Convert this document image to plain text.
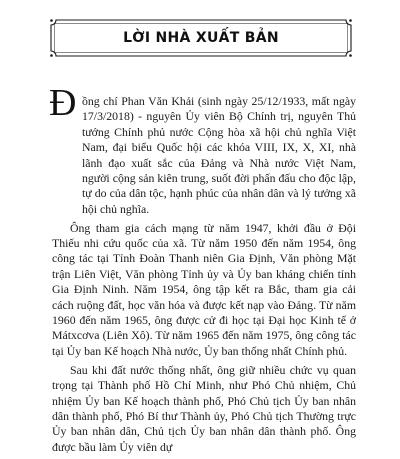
LỜI NHÀ XUẤT BẢN

Đ ồng chí Phan Văn Khải (sinh ngày 25/12/1933, mất ngày 17/3/2018) - nguyên Ủy viên Bộ Chính trị, nguyên Thủ tướng Chính phủ nước Cộng hòa xã hội chủ nghĩa Việt Nam, đại biểu Quốc hội các khóa VIII, IX, X, XI, nhà lãnh đạo xuất sắc của Đảng và Nhà nước Việt Nam, người cộng sản kiên trung, suốt đời phấn đấu cho độc lập, tự do của dân tộc, hạnh phúc của nhân dân và lý tưởng xã hội chủ nghĩa.

Ông tham gia cách mạng từ năm 1947, khởi đầu ở Đội Thiếu nhi cứu quốc của xã. Từ năm 1950 đến năm 1954, ông công tác tại Tỉnh Đoàn Thanh niên Gia Định, Văn phòng Mặt trận Liên Việt, Văn phòng Tỉnh ủy và Ủy ban kháng chiến tỉnh Gia Định Ninh. Năm 1954, ông tập kết ra Bắc, tham gia cải cách ruộng đất, học văn hóa và được kết nạp vào Đảng. Từ năm 1960 đến năm 1965, ông được cử đi học tại Đại học Kinh tế ở Mátxcơva (Liên Xô). Từ năm 1965 đến năm 1975, ông công tác tại Ủy ban Kế hoạch Nhà nước, Ủy ban thống nhất Chính phủ.

Sau khi đất nước thống nhất, ông giữ nhiều chức vụ quan trọng tại Thành phố Hồ Chí Minh, như Phó Chủ nhiệm, Chủ nhiệm Ủy ban Kế hoạch thành phố, Phó Chủ tịch Ủy ban nhân dân thành phố, Phó Bí thư Thành ủy, Phó Chủ tịch Thường trực Ủy ban nhân dân, Chủ tịch Ủy ban nhân dân thành phố. Ông được bầu làm Ủy viên dự
